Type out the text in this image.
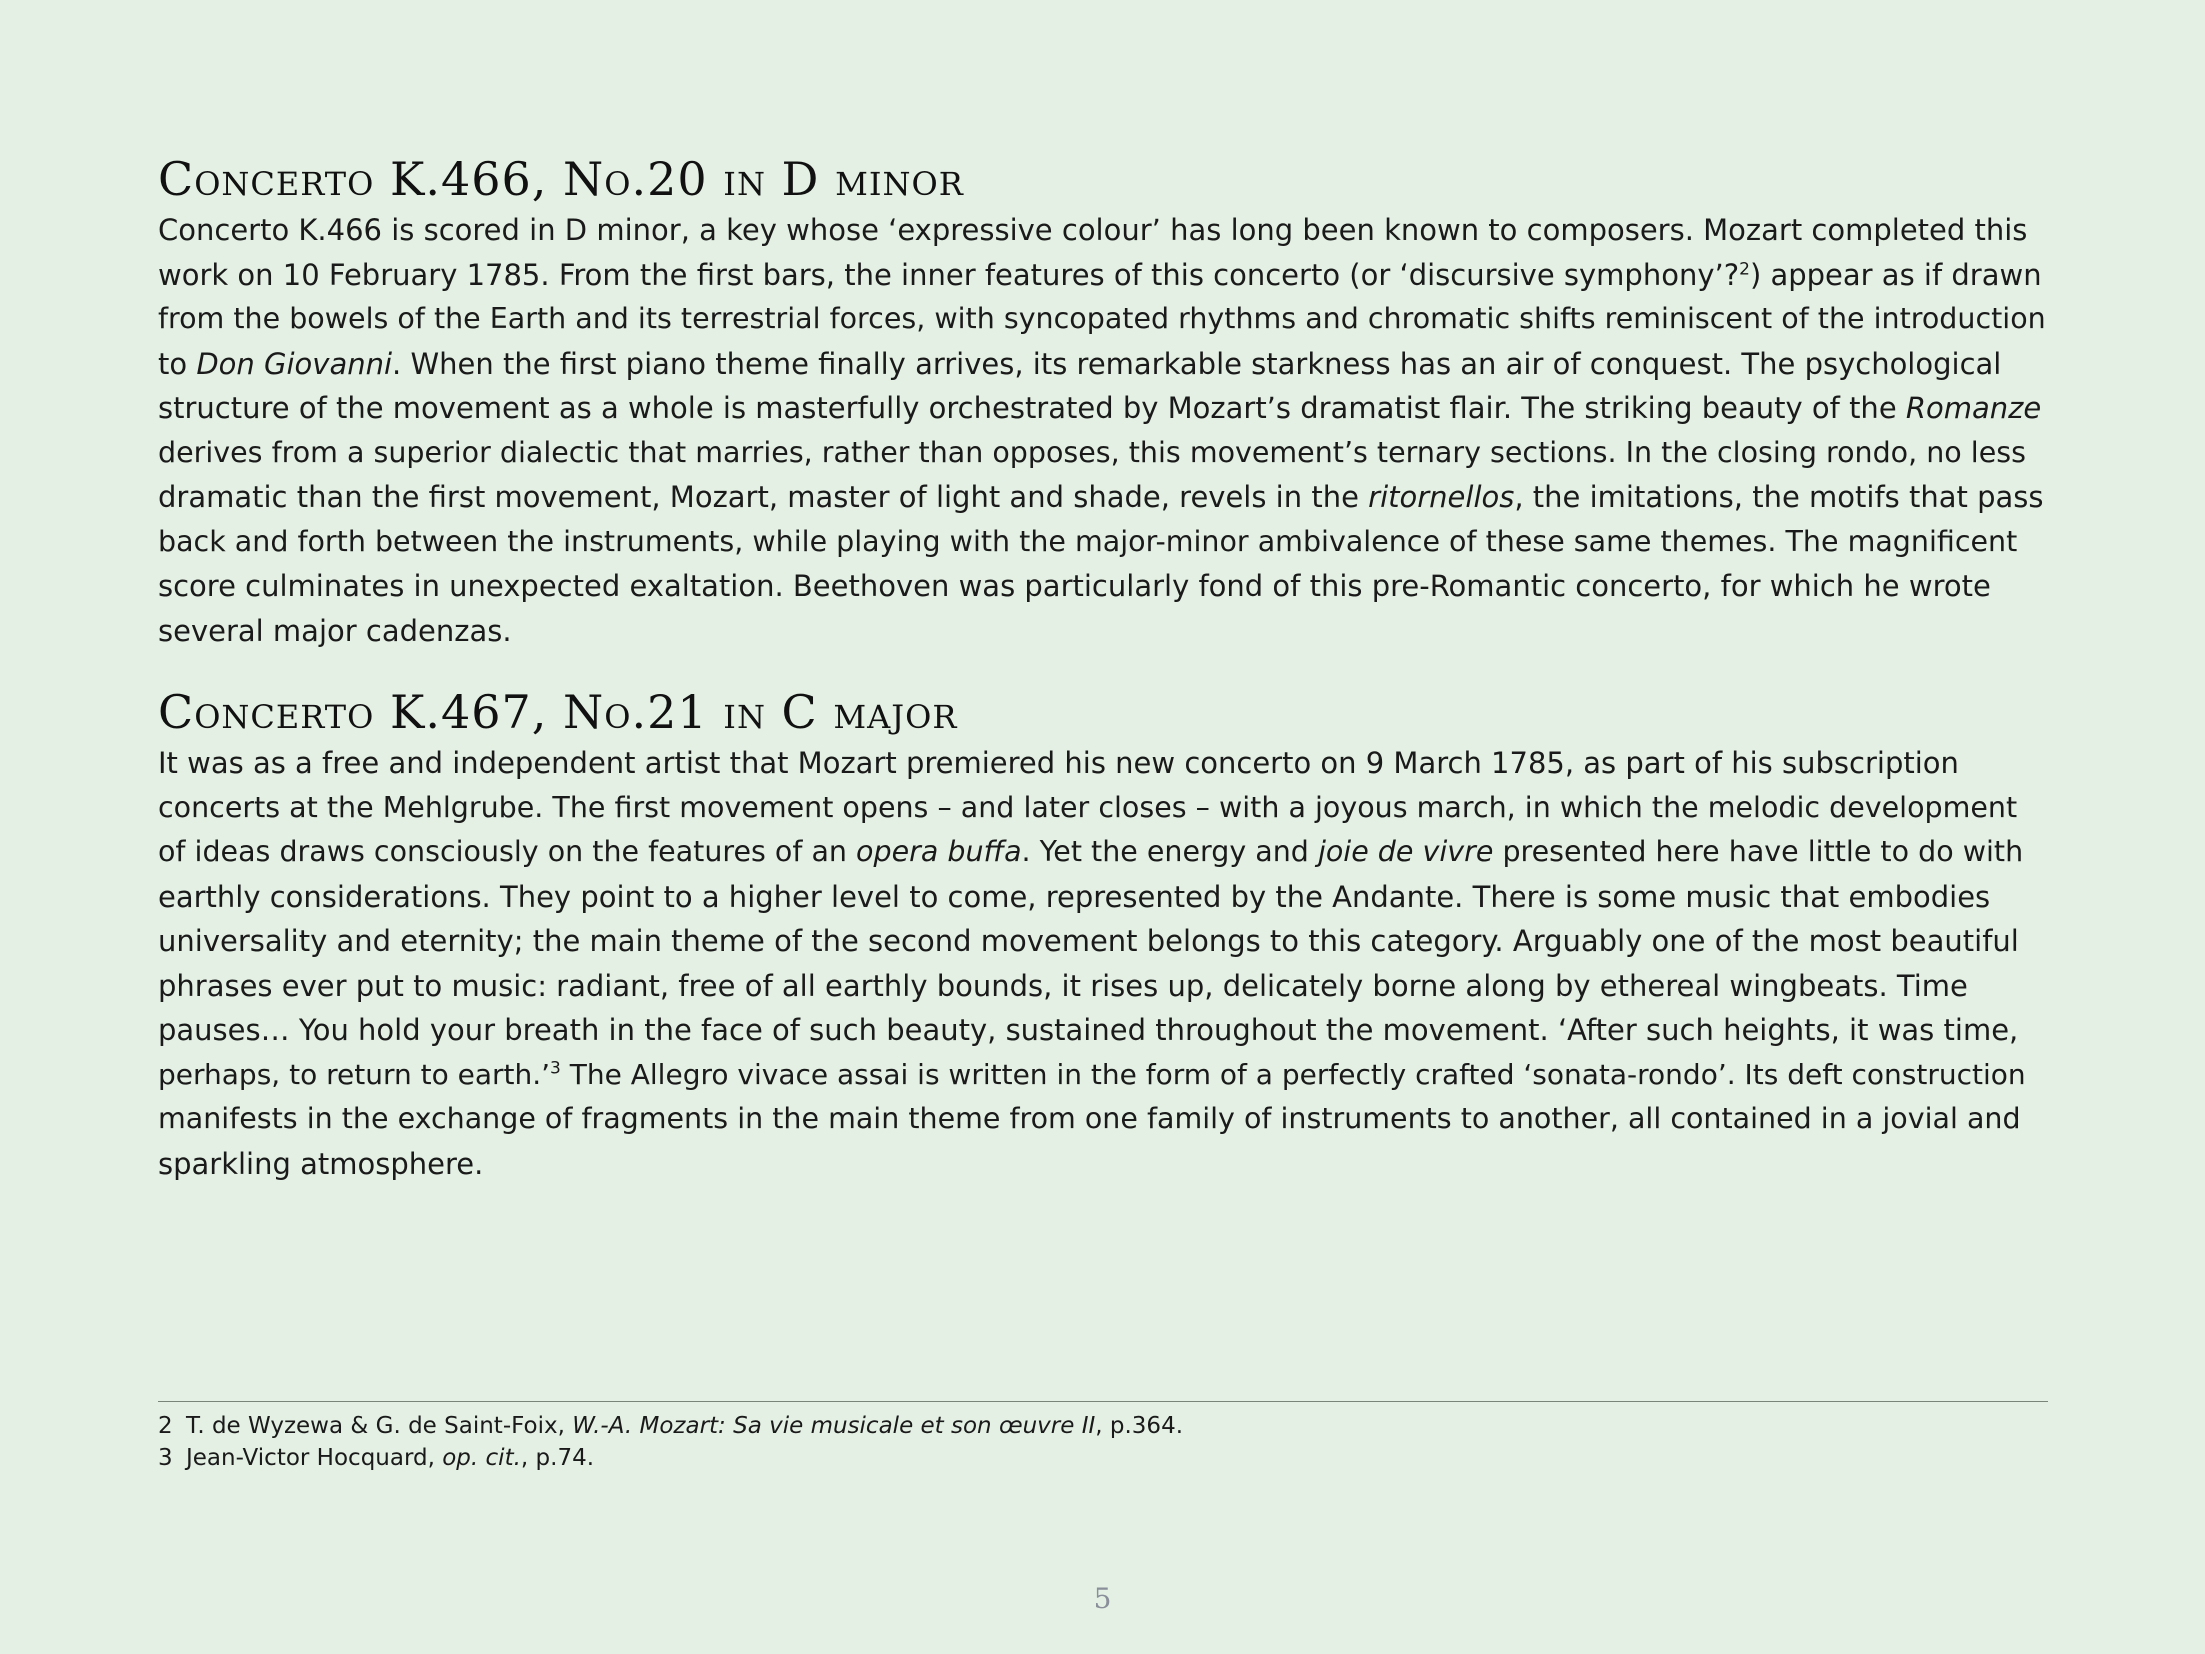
Concerto K.466, No.20 in D minor

Concerto K.466 is scored in D minor, a key whose ‘expressive colour’ has long been known to composers. Mozart completed this
work on 10 February 1785. From the first bars, the inner features of this concerto (or ‘discursive symphony’?$^2$) appear as if drawn
from the bowels of the Earth and its terrestrial forces, with syncopated rhythms and chromatic shifts reminiscent of the introduction
to Don Giovanni. When the first piano theme finally arrives, its remarkable starkness has an air of conquest. The psychological
structure of the movement as a whole is masterfully orchestrated by Mozart’s dramatist flair. The striking beauty of the Romanze
derives from a superior dialectic that marries, rather than opposes, this movement’s ternary sections. In the closing rondo, no less
dramatic than the first movement, Mozart, master of light and shade, revels in the ritornellos, the imitations, the motifs that pass
back and forth between the instruments, while playing with the major-minor ambivalence of these same themes. The magnificent
score culminates in unexpected exaltation. Beethoven was particularly fond of this pre-Romantic concerto, for which he wrote
several major cadenzas.

Concerto K.467, No.21 in C major

It was as a free and independent artist that Mozart premiered his new concerto on 9 March 1785, as part of his subscription
concerts at the Mehlgrube. The first movement opens – and later closes – with a joyous march, in which the melodic development
of ideas draws consciously on the features of an opera buffa. Yet the energy and joie de vivre presented here have little to do with
earthly considerations. They point to a higher level to come, represented by the Andante. There is some music that embodies
universality and eternity; the main theme of the second movement belongs to this category. Arguably one of the most beautiful
phrases ever put to music: radiant, free of all earthly bounds, it rises up, delicately borne along by ethereal wingbeats. Time
pauses… You hold your breath in the face of such beauty, sustained throughout the movement. ‘After such heights, it was time,
perhaps, to return to earth.’$^3$ The Allegro vivace assai is written in the form of a perfectly crafted ‘sonata-rondo’. Its deft construction
manifests in the exchange of fragments in the main theme from one family of instruments to another, all contained in a jovial and
sparkling atmosphere.

2 T. de Wyzewa & G. de Saint-Foix, W.-A. Mozart: Sa vie musicale et son œuvre II, p.364.
3 Jean-Victor Hocquard, op. cit., p.74.
5
